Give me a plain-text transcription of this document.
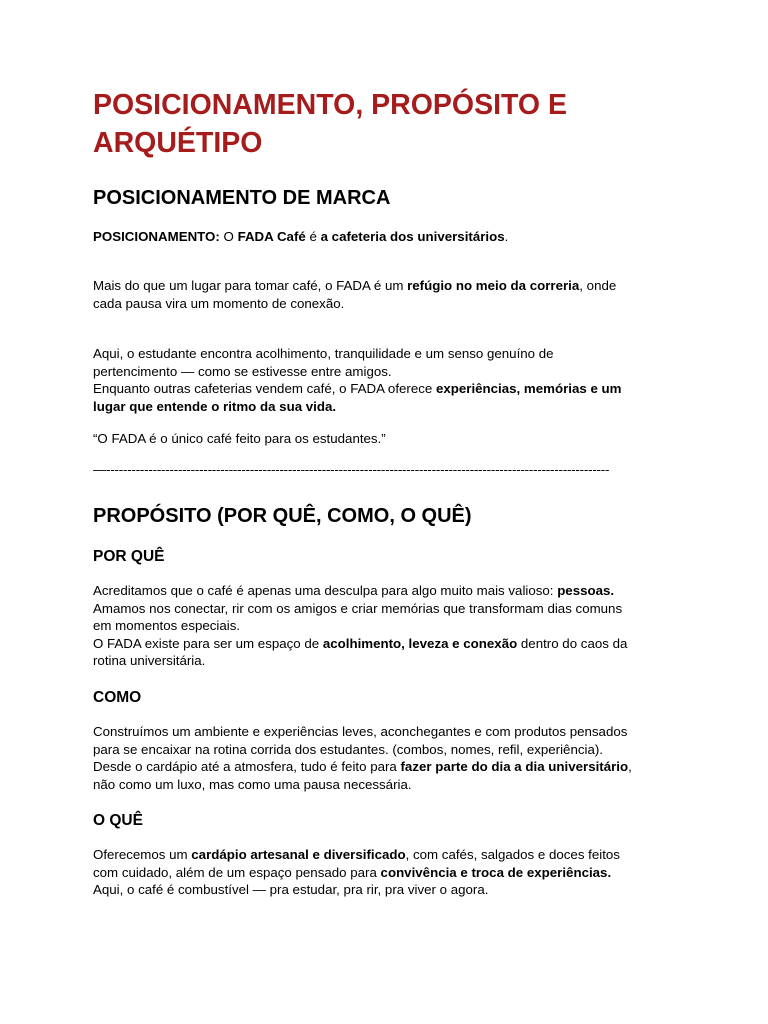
POSICIONAMENTO, PROPÓSITO E ARQUÉTIPO
POSICIONAMENTO DE MARCA

POSICIONAMENTO: O FADA Café é a cafeteria dos universitários.

Mais do que um lugar para tomar café, o FADA é um refúgio no meio da correria, onde
cada pausa vira um momento de conexão.

Aqui, o estudante encontra acolhimento, tranquilidade e um senso genuíno de
pertencimento — como se estivesse entre amigos.
Enquanto outras cafeterias vendem café, o FADA oferece experiências, memórias e um
lugar que entende o ritmo da sua vida.

“O FADA é o único café feito para os estudantes.”

—-----------------------------------------------------------------------------------------------------------------------

PROPÓSITO (POR QUÊ, COMO, O QUÊ)
POR QUÊ

Acreditamos que o café é apenas uma desculpa para algo muito mais valioso: pessoas.
Amamos nos conectar, rir com os amigos e criar memórias que transformam dias comuns
em momentos especiais.
O FADA existe para ser um espaço de acolhimento, leveza e conexão dentro do caos da
rotina universitária.

COMO

Construímos um ambiente e experiências leves, aconchegantes e com produtos pensados
para se encaixar na rotina corrida dos estudantes. (combos, nomes, refil, experiência).
Desde o cardápio até a atmosfera, tudo é feito para fazer parte do dia a dia universitário,
não como um luxo, mas como uma pausa necessária.

O QUÊ

Oferecemos um cardápio artesanal e diversificado, com cafés, salgados e doces feitos
com cuidado, além de um espaço pensado para convivência e troca de experiências.
Aqui, o café é combustível — pra estudar, pra rir, pra viver o agora.
